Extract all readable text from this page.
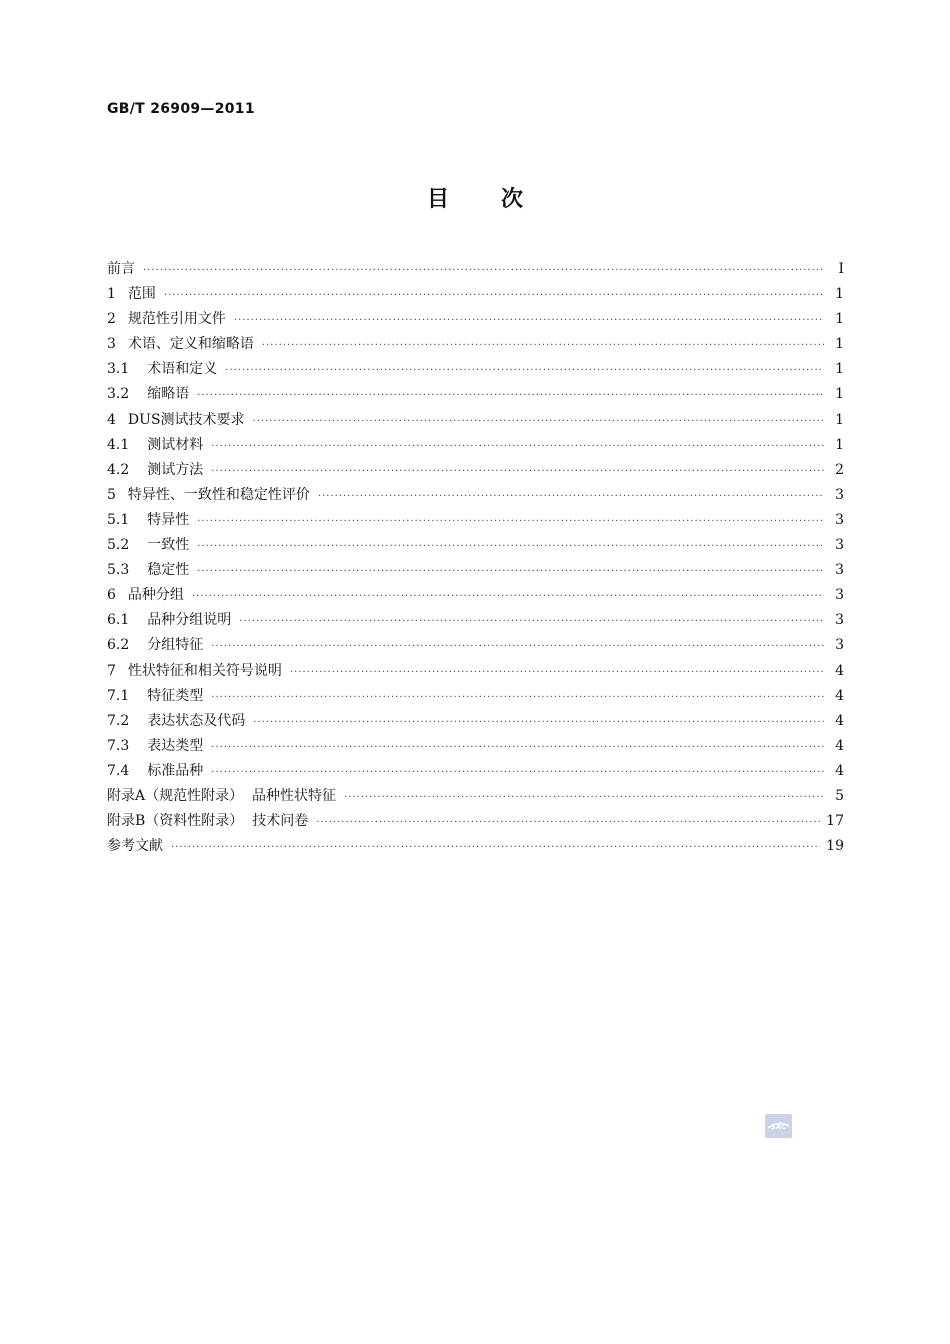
GB/T 26909—2011
目 次
前言 ·····	Ⅰ
1 范围 ·····	1
2 规范性引用文件 ·····	1
3 术语、定义和缩略语 ·····	1
3.1 术语和定义 ·····	1
3.2 缩略语 ·····	1
4 DUS测试技术要求 ·····	1
4.1 测试材料 ·····	1
4.2 测试方法 ·····	2
5 特异性、一致性和稳定性评价 ·····	3
5.1 特异性 ·····	3
5.2 一致性 ·····	3
5.3 稳定性 ·····	3
6 品种分组 ·····	3
6.1 品种分组说明 ·····	3
6.2 分组特征 ·····	3
7 性状特征和相关符号说明 ·····	4
7.1 特征类型 ·····	4
7.2 表达状态及代码 ·····	4
7.3 表达类型 ·····	4
7.4 标准品种 ·····	4
附录A（规范性附录）  品种性状特征 ·····	5
附录B（资料性附录）  技术问卷 ·····	17
参考文献 ·····	19
SAC
